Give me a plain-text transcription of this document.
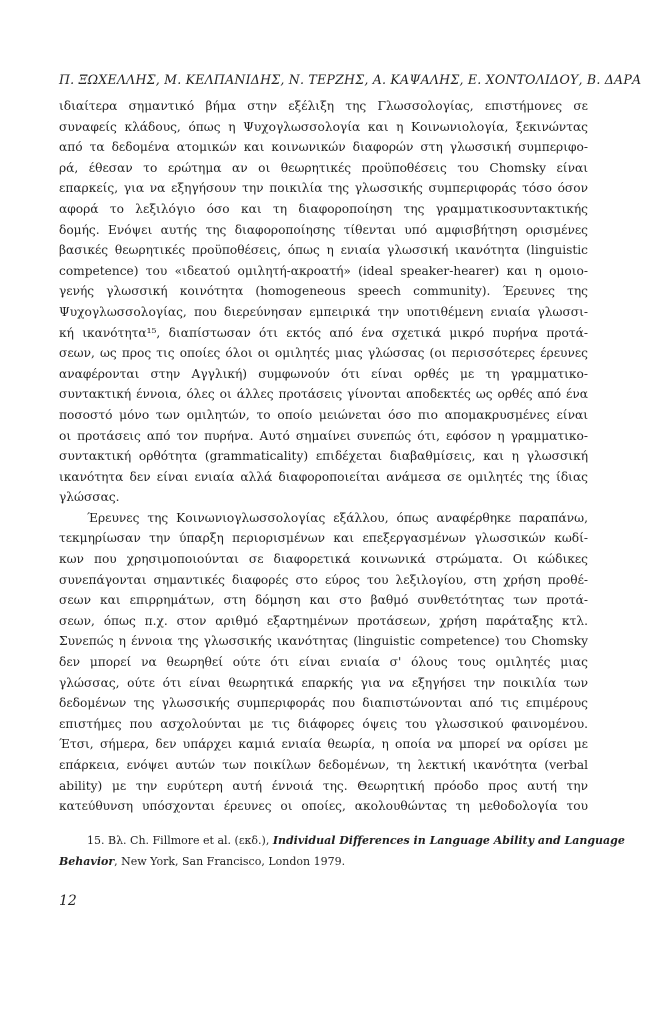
Π. ΞΩΧΕΛΛΗΣ, Μ. ΚΕΛΠΑΝΙΔΗΣ, Ν. ΤΕΡΖΗΣ, Α. ΚΑΨΑΛΗΣ, Ε. ΧΟΝΤΟΛΙΔΟΥ, Β. ΔΑΡΑ
ιδιαίτερα σημαντικό βήμα στην εξέλιξη της Γλωσσολογίας, επιστήμονες σε
συναφείς κλάδους, όπως η Ψυχογλωσσολογία και η Κοινωνιολογία, ξεκινώντας
από τα δεδομένα ατομικών και κοινωνικών διαφορών στη γλωσσική συμπεριφο-
ρά, έθεσαν το ερώτημα αν οι θεωρητικές προϋποθέσεις του Chomsky είναι
επαρκείς, για να εξηγήσουν την ποικιλία της γλωσσικής συμπεριφοράς τόσο όσον
αφορά το λεξιλόγιο όσο και τη διαφοροποίηση της γραμματικοσυντακτικής
δομής. Ενόψει αυτής της διαφοροποίησης τίθενται υπό αμφισβήτηση ορισμένες
βασικές θεωρητικές προϋποθέσεις, όπως η ενιαία γλωσσική ικανότητα (linguistic
competence) του «ιδεατού ομιλητή-ακροατή» (ideal speaker-hearer) και η ομοιο-
γενής γλωσσική κοινότητα (homogeneous speech community). Έρευνες της
Ψυχογλωσσολογίας, που διερεύνησαν εμπειρικά την υποτιθέμενη ενιαία γλωσσι-
κή ικανότητα¹⁵, διαπίστωσαν ότι εκτός από ένα σχετικά μικρό πυρήνα προτά-
σεων, ως προς τις οποίες όλοι οι ομιλητές μιας γλώσσας (οι περισσότερες έρευνες
αναφέρονται στην Αγγλική) συμφωνούν ότι είναι ορθές με τη γραμματικο-
συντακτική έννοια, όλες οι άλλες προτάσεις γίνονται αποδεκτές ως ορθές από ένα
ποσοστό μόνο των ομιλητών, το οποίο μειώνεται όσο πιο απομακρυσμένες είναι
οι προτάσεις από τον πυρήνα. Αυτό σημαίνει συνεπώς ότι, εφόσον η γραμματικο-
συντακτική ορθότητα (grammaticality) επιδέχεται διαβαθμίσεις, και η γλωσσική
ικανότητα δεν είναι ενιαία αλλά διαφοροποιείται ανάμεσα σε ομιλητές της ίδιας
γλώσσας.
Έρευνες της Κοινωνιογλωσσολογίας εξάλλου, όπως αναφέρθηκε παραπάνω,
τεκμηρίωσαν την ύπαρξη περιορισμένων και επεξεργασμένων γλωσσικών κωδί-
κων που χρησιμοποιούνται σε διαφορετικά κοινωνικά στρώματα. Οι κώδικες
συνεπάγονται σημαντικές διαφορές στο εύρος του λεξιλογίου, στη χρήση προθέ-
σεων και επιρρημάτων, στη δόμηση και στο βαθμό συνθετότητας των προτά-
σεων, όπως π.χ. στον αριθμό εξαρτημένων προτάσεων, χρήση παράταξης κτλ.
Συνεπώς η έννοια της γλωσσικής ικανότητας (linguistic competence) του Chomsky
δεν μπορεί να θεωρηθεί ούτε ότι είναι ενιαία σ' όλους τους ομιλητές μιας
γλώσσας, ούτε ότι είναι θεωρητικά επαρκής για να εξηγήσει την ποικιλία των
δεδομένων της γλωσσικής συμπεριφοράς που διαπιστώνονται από τις επιμέρους
επιστήμες που ασχολούνται με τις διάφορες όψεις του γλωσσικού φαινομένου.
Έτσι, σήμερα, δεν υπάρχει καμιά ενιαία θεωρία, η οποία να μπορεί να ορίσει με
επάρκεια, ενόψει αυτών των ποικίλων δεδομένων, τη λεκτική ικανότητα (verbal
ability) με την ευρύτερη αυτή έννοιά της. Θεωρητική πρόοδο προς αυτή την
κατεύθυνση υπόσχονται έρευνες οι οποίες, ακολουθώντας τη μεθοδολογία του
15. Βλ. Ch. Fillmore et al. (εκδ.), Individual Differences in Language Ability and Language
Behavior, New York, San Francisco, London 1979.
12
